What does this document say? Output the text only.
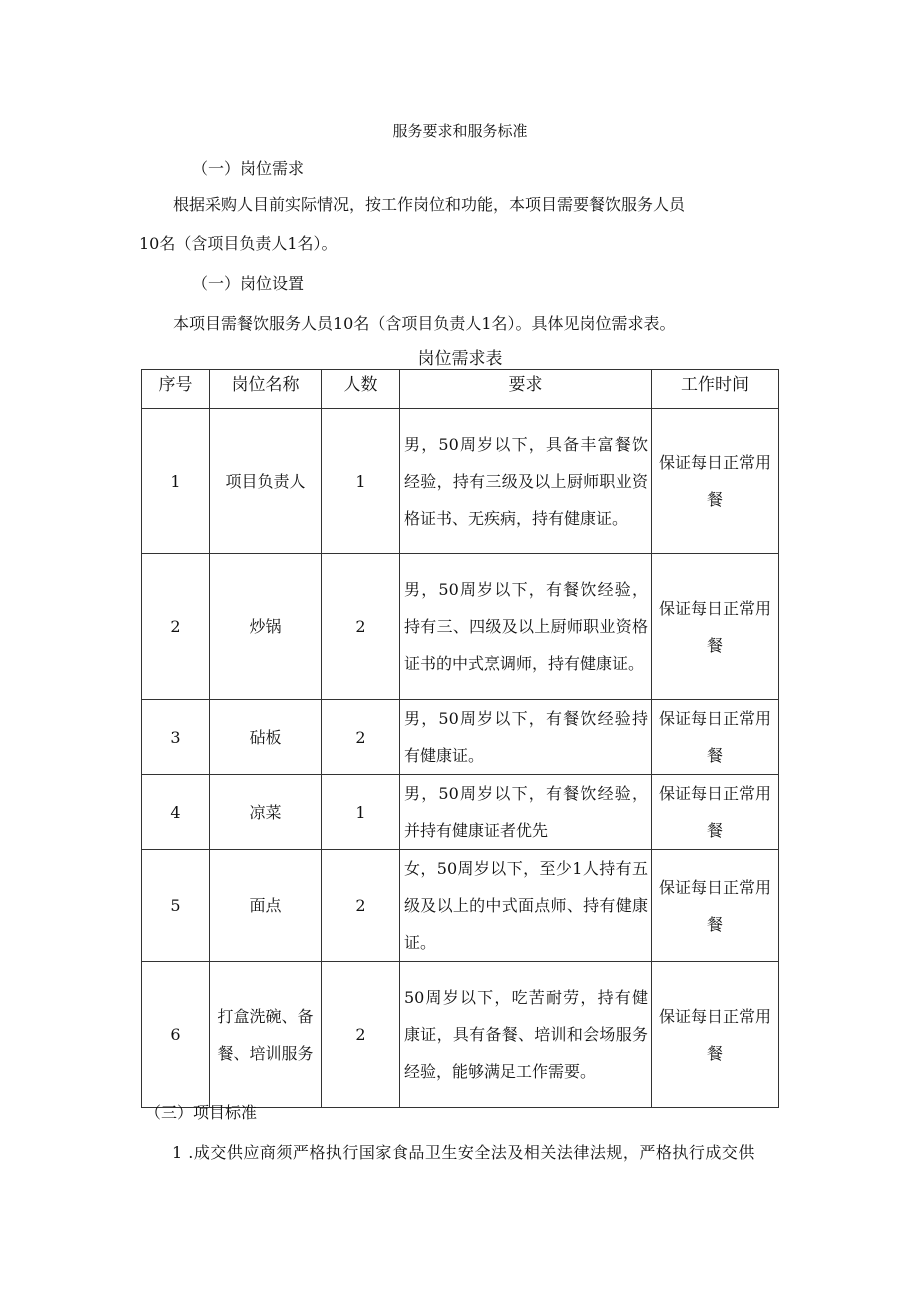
服务要求和服务标准
（一）岗位需求
根据采购人目前实际情况，按工作岗位和功能，本项目需要餐饮服务人员
10名（含项目负责人1名）。
（一）岗位设置
本项目需餐饮服务人员10名（含项目负责人1名）。具体见岗位需求表。
岗位需求表
序号	岗位名称	人数	要求	工作时间
1	项目负责人	1	男，50周岁以下，具备丰富餐饮经验，持有三级及以上厨师职业资格证书、无疾病，持有健康证。	保证每日正常用餐
2	炒锅	2	男，50周岁以下，有餐饮经验，持有三、四级及以上厨师职业资格证书的中式烹调师，持有健康证。	保证每日正常用餐
3	砧板	2	男，50周岁以下，有餐饮经验持有健康证。	保证每日正常用餐
4	凉菜	1	男，50周岁以下，有餐饮经验，并持有健康证者优先	保证每日正常用餐
5	面点	2	女，50周岁以下，至少1人持有五级及以上的中式面点师、持有健康证。	保证每日正常用餐
6	打盒洗碗、备餐、培训服务	2	50周岁以下，吃苦耐劳，持有健康证，具有备餐、培训和会场服务经验，能够满足工作需要。	保证每日正常用餐
（三）项目标准
1 .成交供应商须严格执行国家食品卫生安全法及相关法律法规，严格执行成交供
